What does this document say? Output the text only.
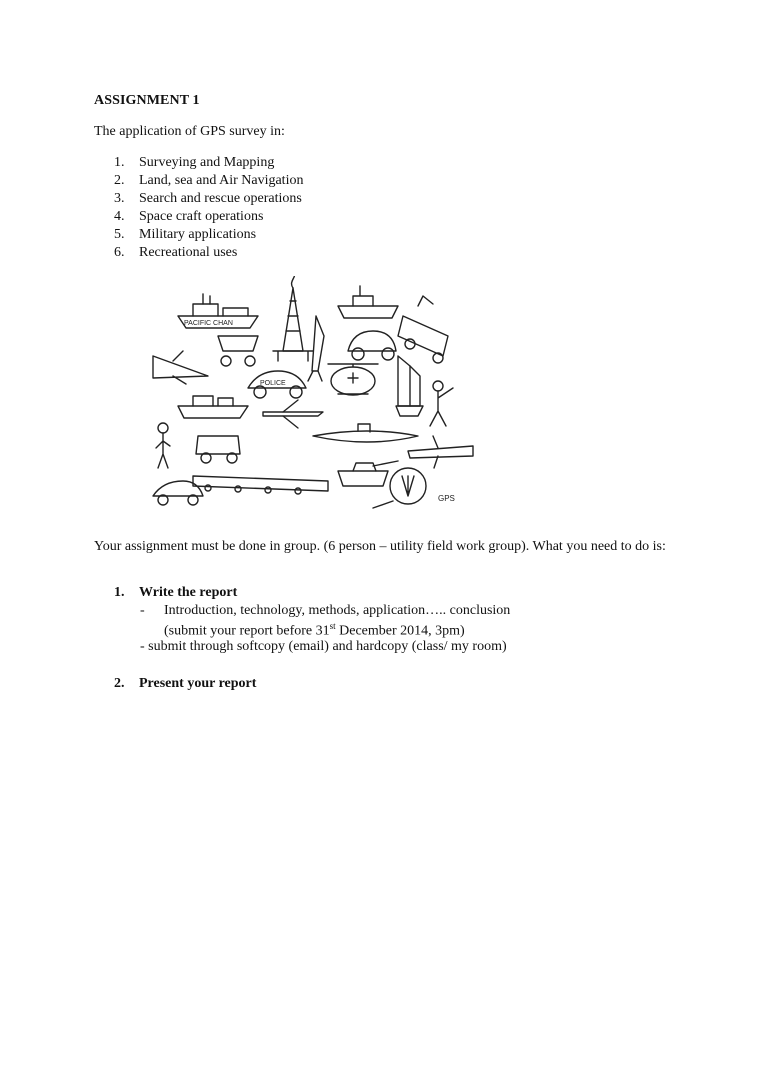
ASSIGNMENT 1
The application of GPS survey in:
1. Surveying and Mapping
2. Land, sea and Air Navigation
3. Search and rescue operations
4. Space craft operations
5. Military applications
6. Recreational uses
PACIFIC CHAN
POLICE
GPS
Your assignment must be done in group. (6 person – utility field work group). What you need to do is:
1. Write the report
- Introduction, technology, methods, application….. conclusion
(submit your report before 31st December 2014, 3pm)
- submit through softcopy (email) and hardcopy (class/ my room)
2. Present your report
